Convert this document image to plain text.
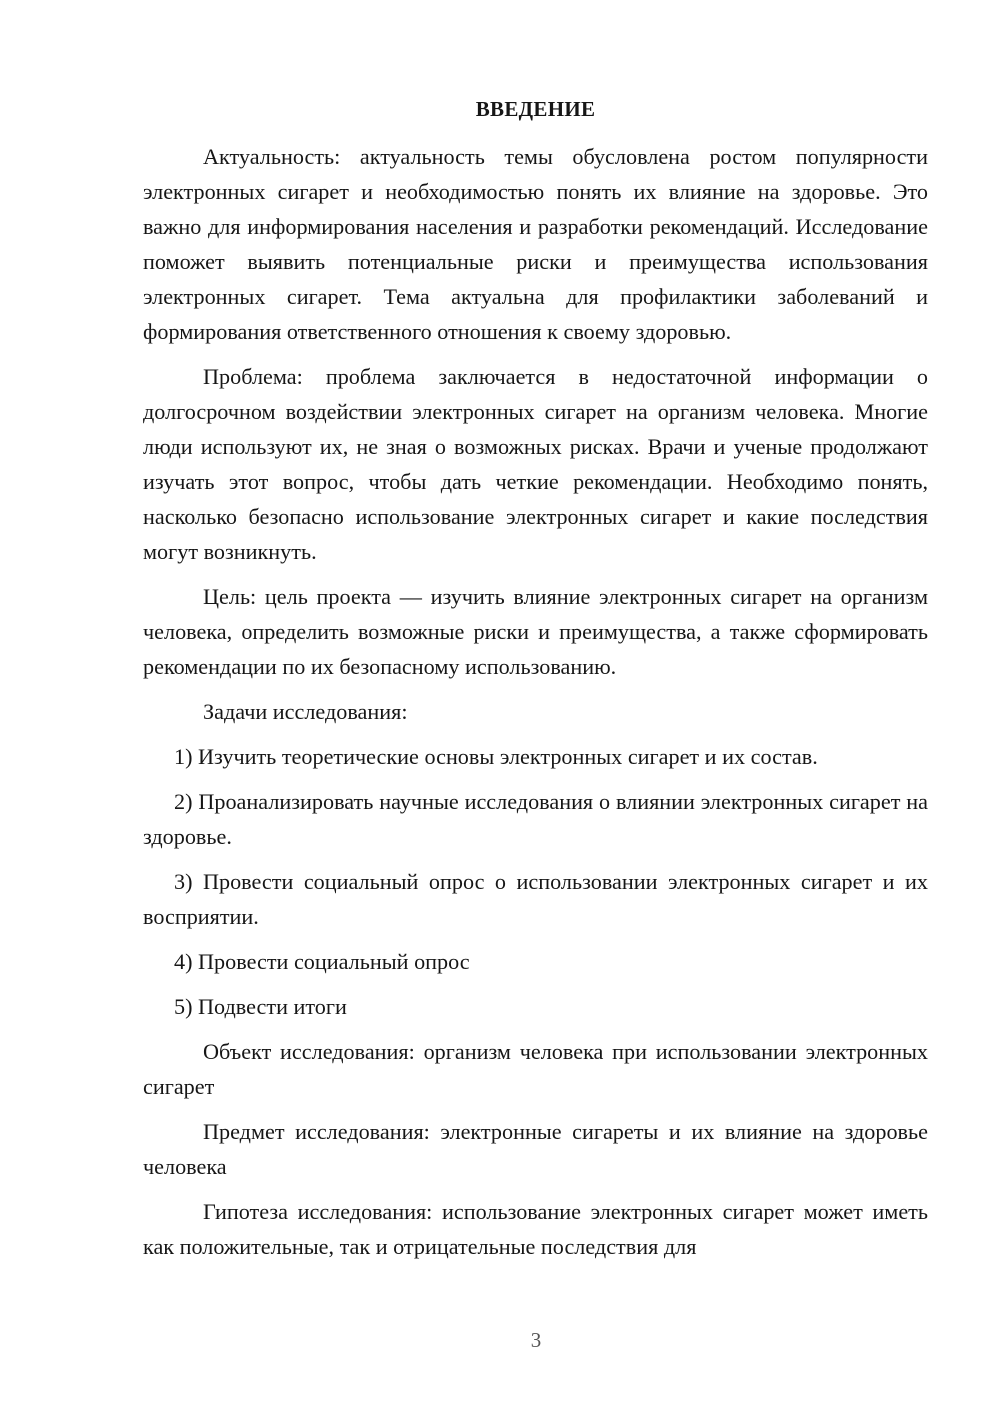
ВВЕДЕНИЕ

Актуальность: актуальность темы обусловлена ростом популярности электронных сигарет и необходимостью понять их влияние на здоровье. Это важно для информирования населения и разработки рекомендаций. Исследование поможет выявить потенциальные риски и преимущества использования электронных сигарет. Тема актуальна для профилактики заболеваний и формирования ответственного отношения к своему здоровью.

Проблема: проблема заключается в недостаточной информации о долгосрочном воздействии электронных сигарет на организм человека. Многие люди используют их, не зная о возможных рисках. Врачи и ученые продолжают изучать этот вопрос, чтобы дать четкие рекомендации. Необходимо понять, насколько безопасно использование электронных сигарет и какие последствия могут возникнуть.

Цель: цель проекта — изучить влияние электронных сигарет на организм человека, определить возможные риски и преимущества, а также сформировать рекомендации по их безопасному использованию.

Задачи исследования:

1) Изучить теоретические основы электронных сигарет и их состав.

2) Проанализировать научные исследования о влиянии электронных сигарет на здоровье.

3) Провести социальный опрос о использовании электронных сигарет и их восприятии.

4) Провести социальный опрос

5) Подвести итоги

Объект исследования: организм человека при использовании электронных сигарет

Предмет исследования: электронные сигареты и их влияние на здоровье человека

Гипотеза исследования: использование электронных сигарет может иметь как положительные, так и отрицательные последствия для

3
